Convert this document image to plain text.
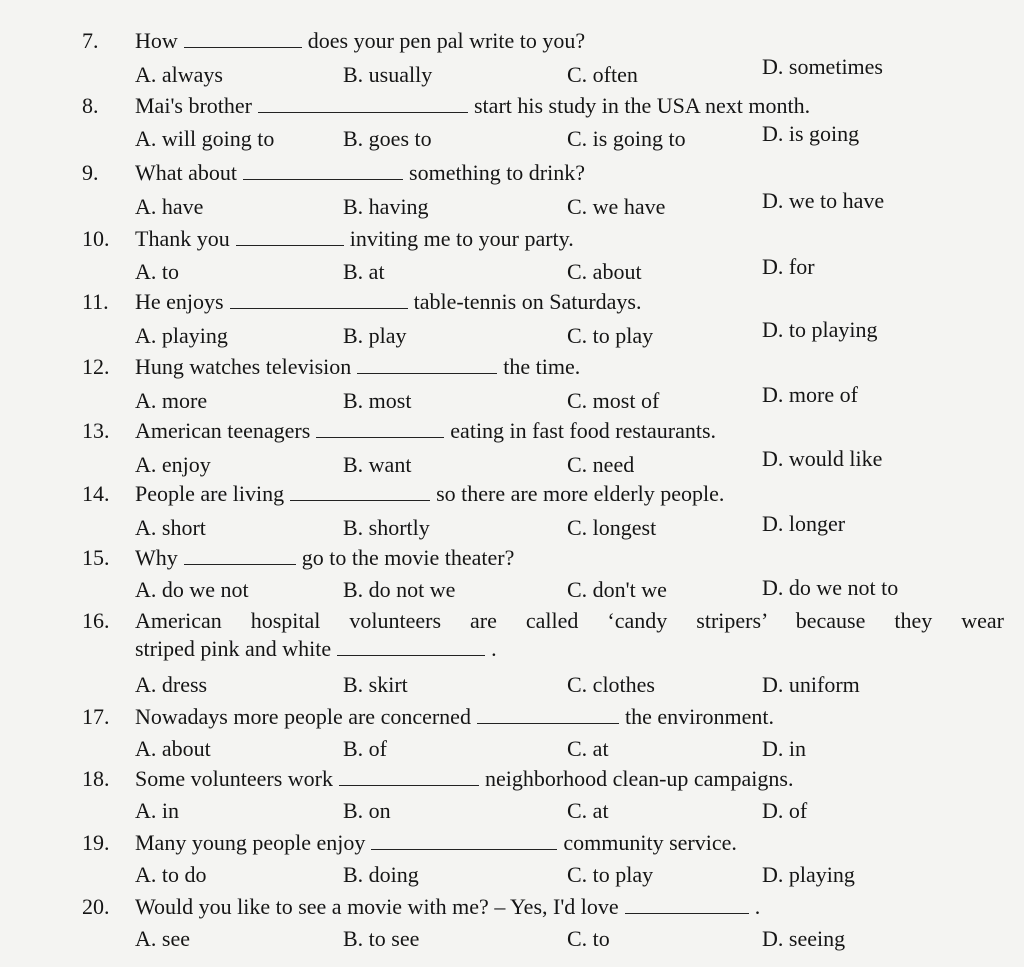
7. How	does your pen pal write to you?
A. always	B. usually	C. often	D. sometimes
8. Mai's brother	start his study in the USA next month.
A. will going to	B. goes to	C. is going to	D. is going
9. What about	something to drink?
A. have	B. having	C. we have	D. we to have
10. Thank you	inviting me to your party.
A. to	B. at	C. about	D. for
11. He enjoys	table-tennis on Saturdays.
A. playing	B. play	C. to play	D. to playing
12. Hung watches television	the time.
A. more	B. most	C. most of	D. more of
13. American teenagers	eating in fast food restaurants.
A. enjoy	B. want	C. need	D. would like
14. People are living	so there are more elderly people.
A. short	B. shortly	C. longest	D. longer
15. Why	go to the movie theater?
A. do we not	B. do not we	C. don't we	D. do we not to
16. American hospital volunteers are called ‘candy stripers’ because they wear
striped pink and white	.
A. dress	B. skirt	C. clothes	D. uniform
17. Nowadays more people are concerned	the environment.
A. about	B. of	C. at	D. in
18. Some volunteers work	neighborhood clean-up campaigns.
A. in	B. on	C. at	D. of
19. Many young people enjoy	community service.
A. to do	B. doing	C. to play	D. playing
20. Would you like to see a movie with me? – Yes, I'd love	.
A. see	B. to see	C. to	D. seeing
